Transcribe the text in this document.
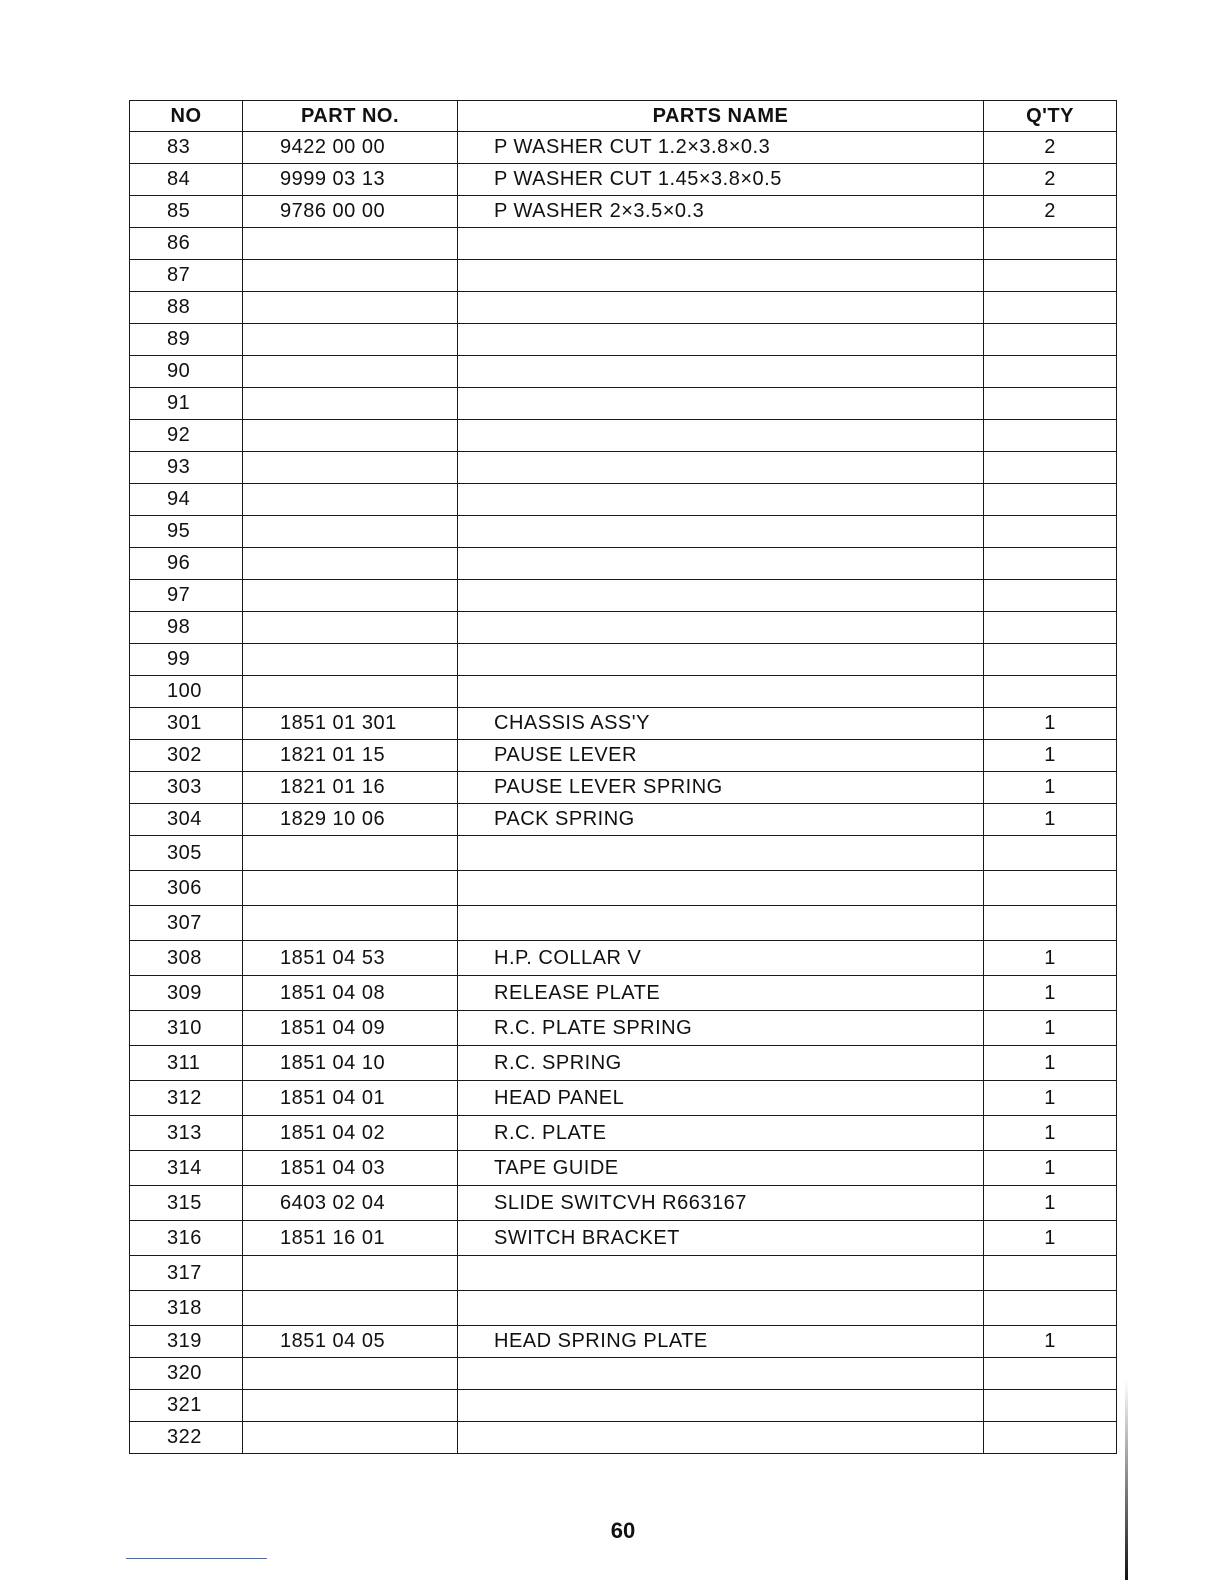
NO	PART NO.	PARTS NAME	Q'TY
83	9422 00 00	P WASHER CUT 1.2×3.8×0.3	2
84	9999 03 13	P WASHER CUT 1.45×3.8×0.5	2
85	9786 00 00	P WASHER 2×3.5×0.3	2
86			
87			
88			
89			
90			
91			
92			
93			
94			
95			
96			
97			
98			
99			
100			
301	1851 01 301	CHASSIS ASS'Y	1
302	1821 01 15	PAUSE LEVER	1
303	1821 01 16	PAUSE LEVER SPRING	1
304	1829 10 06	PACK SPRING	1
305			
306			
307			
308	1851 04 53	H.P. COLLAR V	1
309	1851 04 08	RELEASE PLATE	1
310	1851 04 09	R.C. PLATE SPRING	1
311	1851 04 10	R.C. SPRING	1
312	1851 04 01	HEAD PANEL	1
313	1851 04 02	R.C. PLATE	1
314	1851 04 03	TAPE GUIDE	1
315	6403 02 04	SLIDE SWITCVH R663167	1
316	1851 16 01	SWITCH BRACKET	1
317			
318			
319	1851 04 05	HEAD SPRING PLATE	1
320			
321			
322			
60
